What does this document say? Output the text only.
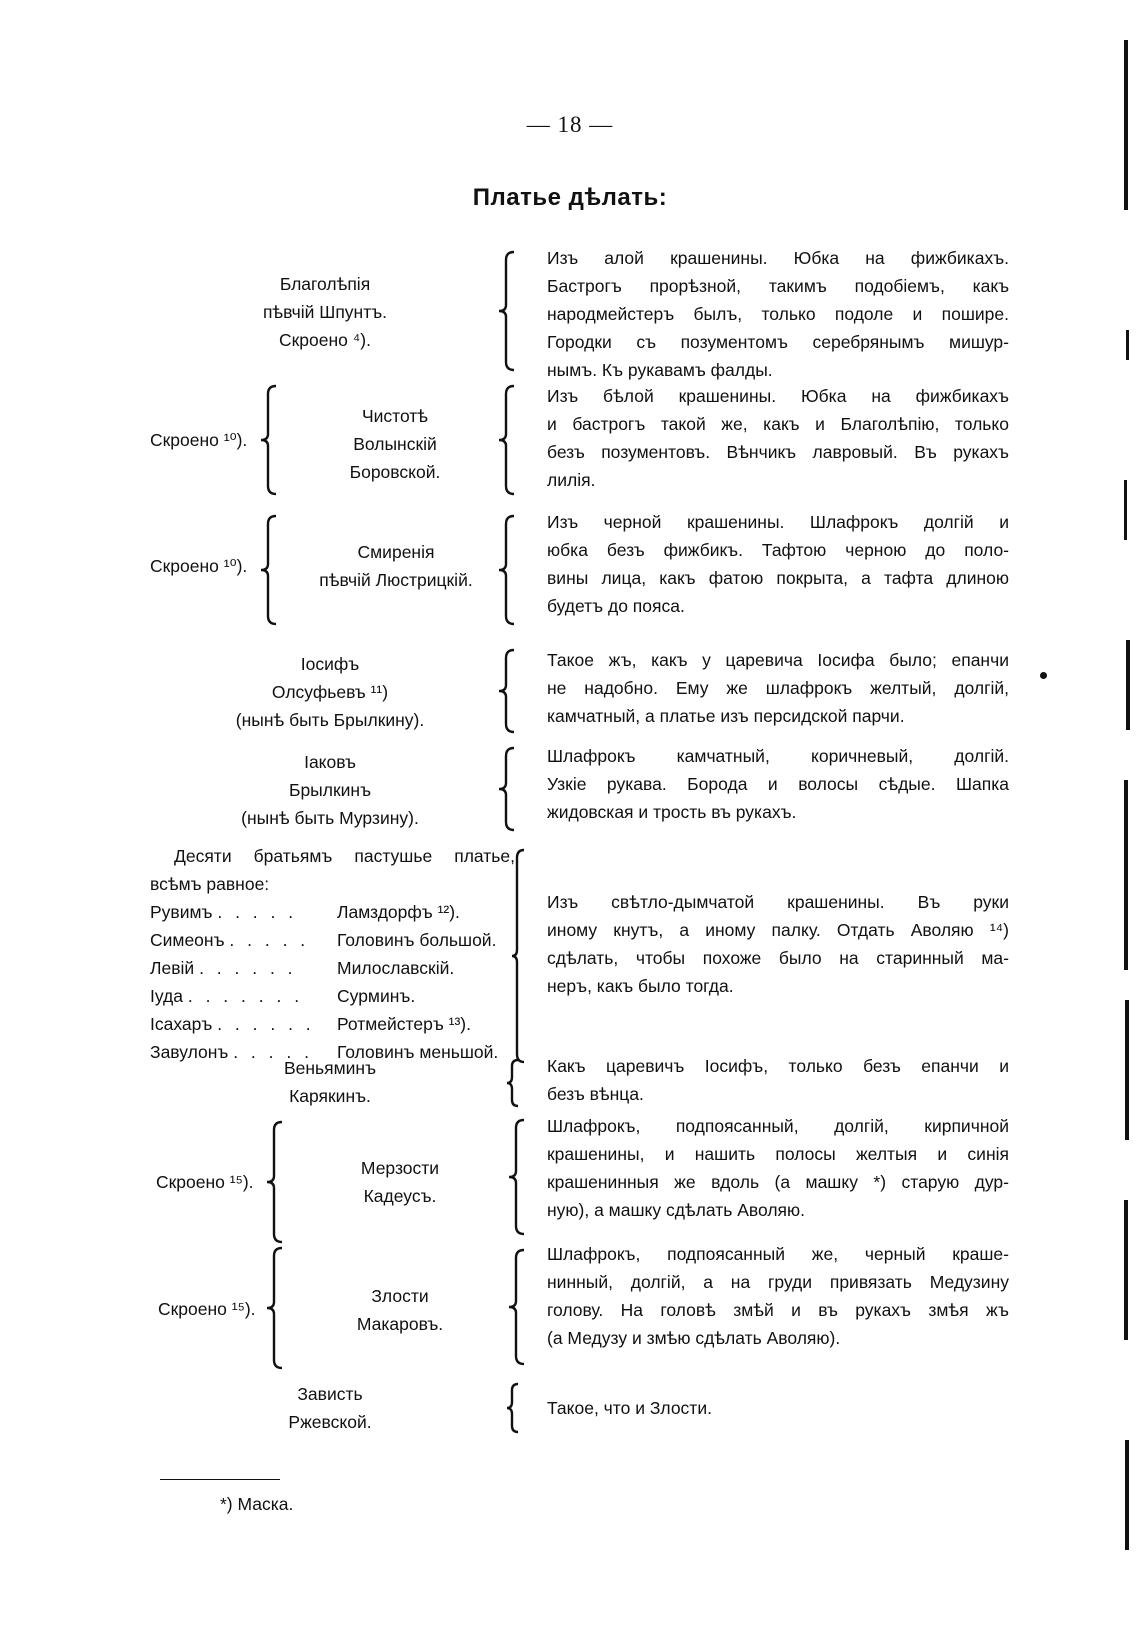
— 18 —
Платье дѣлать:
Благолѣпія
пѣвчій Шпунтъ.
Скроено ⁴).
Изъ алой крашенины. Юбка на фижбикахъ.
Бастрогъ прорѣзной, такимъ подобіемъ, какъ
народмейстеръ былъ, только подоле и пошире.
Городки съ позументомъ серебрянымъ мишур-
нымъ. Къ рукавамъ фалды.
Скроено ¹⁰).
Чистотѣ
Волынскій
Боровской.
Изъ бѣлой крашенины. Юбка на фижбикахъ
и бастрогъ такой же, какъ и Благолѣпію, только
безъ позументовъ. Вѣнчикъ лавровый. Въ рукахъ
лилія.
Скроено ¹⁰).
Смиренія
пѣвчій Люстрицкій.
Изъ черной крашенины. Шлафрокъ долгій и
юбка безъ фижбикъ. Тафтою черною до поло-
вины лица, какъ фатою покрыта, а тафта длиною
будетъ до пояса.
Іосифъ
Олсуфьевъ ¹¹)
(нынѣ быть Брылкину).
Такое жъ, какъ у царевича Іосифа было; епанчи
не надобно. Ему же шлафрокъ желтый, долгій,
камчатный, а платье изъ персидской парчи.
Іаковъ
Брылкинъ
(нынѣ быть Мурзину).
Шлафрокъ камчатный, коричневый, долгій.
Узкіе рукава. Борода и волосы сѣдые. Шапка
жидовская и трость въ рукахъ.
Десяти братьямъ пастушье платье,
всѣмъ равное:
Рувимъ . . . . . Ламздорфъ ¹²).
Симеонъ . . . . . Головинъ большой.
Левій . . . . . . Милославскій.
Іуда . . . . . . . Сурминъ.
Ісахаръ . . . . . . Ротмейстеръ ¹³).
Завулонъ . . . . . Головинъ меньшой.
Изъ свѣтло-дымчатой крашенины. Въ руки
иному кнутъ, а иному палку. Отдать Аволяю ¹⁴)
сдѣлать, чтобы похоже было на старинный ма-
неръ, какъ было тогда.
Веньяминъ
Карякинъ.
Какъ царевичъ Іосифъ, только безъ епанчи и
безъ вѣнца.
Скроено ¹⁵).
Мерзости
Кадеусъ.
Шлафрокъ, подпоясанный, долгій, кирпичной
крашенины, и нашить полосы желтыя и синія
крашенинныя же вдоль (а машку *) старую дур-
ную), а машку сдѣлать Аволяю.
Скроено ¹⁵).
Злости
Макаровъ.
Шлафрокъ, подпоясанный же, черный краше-
нинный, долгій, а на груди привязать Медузину
голову. На головѣ змѣй и въ рукахъ змѣя жъ
(а Медузу и змѣю сдѣлать Аволяю).
Зависть
Ржевской.
Такое, что и Злости.
*) Маска.
